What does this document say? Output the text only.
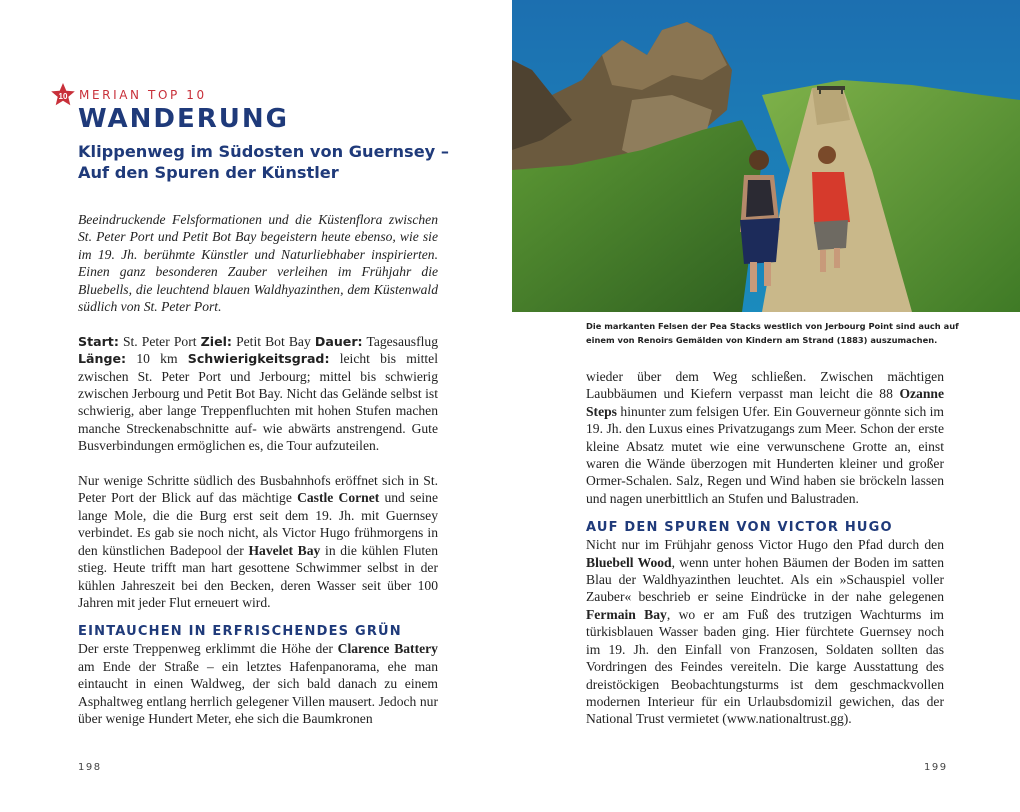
10 MERIAN TOP 10
WANDERUNG
Klippenweg im Südosten von Guernsey – Auf den Spuren der Künstler

Beeindruckende Felsformationen und die Küstenflora zwischen St. Peter Port und Petit Bot Bay begeistern heute ebenso, wie sie im 19. Jh. berühmte Künstler und Naturliebhaber inspirierten. Einen ganz besonderen Zauber verleihen im Frühjahr die Bluebells, die leuchtend blauen Waldhyazinthen, dem Küstenwald südlich von St. Peter Port.

Start: St. Peter Port Ziel: Petit Bot Bay Dauer: Tagesausflug Länge: 10 km Schwierigkeitsgrad: leicht bis mittel zwischen St. Peter Port und Jerbourg; mittel bis schwierig zwischen Jerbourg und Petit Bot Bay. Nicht das Gelände selbst ist schwierig, aber lange Treppenfluchten mit hohen Stufen machen manche Streckenabschnitte auf- wie abwärts anstrengend. Gute Busverbindungen ermöglichen es, die Tour aufzuteilen.

Nur wenige Schritte südlich des Busbahnhofs eröffnet sich in St. Peter Port der Blick auf das mächtige Castle Cornet und seine lange Mole, die die Burg erst seit dem 19. Jh. mit Guernsey verbindet. Es gab sie noch nicht, als Victor Hugo frühmorgens in den künstlichen Badepool der Havelet Bay in die kühlen Fluten stieg. Heute trifft man hart gesottene Schwimmer selbst in der kühlen Jahreszeit bei den Becken, deren Wasser seit über 100 Jahren mit jeder Flut erneuert wird.

EINTAUCHEN IN ERFRISCHENDES GRÜN

Der erste Treppenweg erklimmt die Höhe der Clarence Battery am Ende der Straße – ein letztes Hafenpanorama, ehe man eintaucht in einen Waldweg, der sich bald danach zu einem Asphaltweg entlang herrlich gelegener Villen mausert. Jedoch nur über wenige Hundert Meter, ehe sich die Baumkronen

198

Die markanten Felsen der Pea Stacks westlich von Jerbourg Point sind auch auf einem von Renoirs Gemälden von Kindern am Strand (1883) auszumachen.

wieder über dem Weg schließen. Zwischen mächtigen Laubbäumen und Kiefern verpasst man leicht die 88 Ozanne Steps hinunter zum felsigen Ufer. Ein Gouverneur gönnte sich im 19. Jh. den Luxus eines Privatzugangs zum Meer. Schon der erste kleine Absatz mutet wie eine verwunschene Grotte an, einst waren die Wände überzogen mit Hunderten kleiner und großer Ormer-Schalen. Salz, Regen und Wind haben sie bröckeln lassen und nagen unerbittlich an Stufen und Balustraden.

AUF DEN SPUREN VON VICTOR HUGO

Nicht nur im Frühjahr genoss Victor Hugo den Pfad durch den Bluebell Wood, wenn unter hohen Bäumen der Boden im satten Blau der Waldhyazinthen leuchtet. Als ein »Schauspiel voller Zauber« beschrieb er seine Eindrücke in der nahe gelegenen Fermain Bay, wo er am Fuß des trutzigen Wachturms im türkisblauen Wasser baden ging. Hier fürchtete Guernsey noch im 19. Jh. den Einfall von Franzosen, Soldaten sollten das Vordringen des Feindes vereiteln. Die karge Ausstattung des dreistöckigen Beobachtungsturms ist dem geschmackvollen modernen Interieur für ein Urlaubsdomizil gewichen, das der National Trust vermietet (www.nationaltrust.gg).

199
